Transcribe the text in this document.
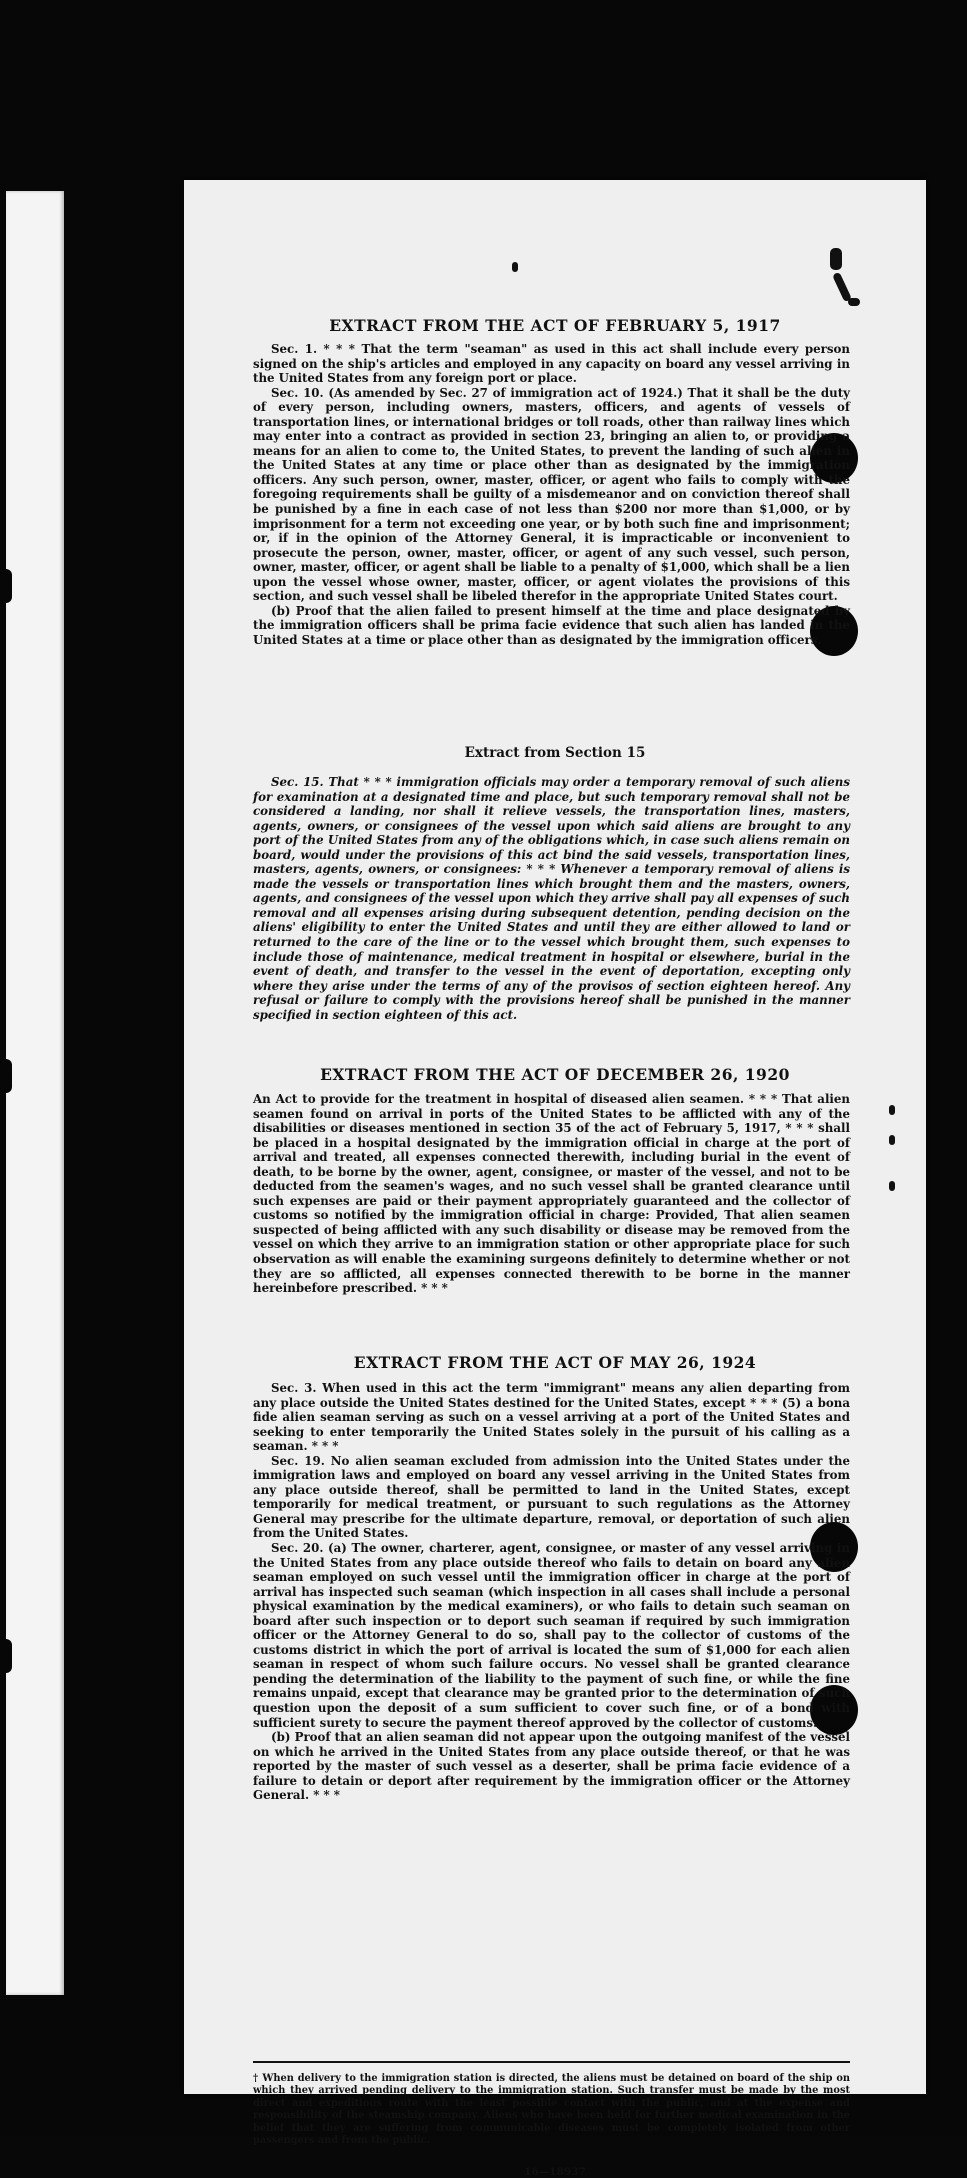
EXTRACT FROM THE ACT OF FEBRUARY 5, 1917

Sec. 1. * * * That the term "seaman" as used in this act shall include every person signed on the ship's articles and employed in any capacity on board any vessel arriving in the United States from any foreign port or place.

Sec. 10. (As amended by Sec. 27 of immigration act of 1924.) That it shall be the duty of every person, including owners, masters, officers, and agents of vessels of transportation lines, or international bridges or toll roads, other than railway lines which may enter into a contract as provided in section 23, bringing an alien to, or providing a means for an alien to come to, the United States, to prevent the landing of such alien in the United States at any time or place other than as designated by the immigration officers. Any such person, owner, master, officer, or agent who fails to comply with the foregoing requirements shall be guilty of a misdemeanor and on conviction thereof shall be punished by a fine in each case of not less than $200 nor more than $1,000, or by imprisonment for a term not exceeding one year, or by both such fine and imprisonment; or, if in the opinion of the Attorney General, it is impracticable or inconvenient to prosecute the person, owner, master, officer, or agent of any such vessel, such person, owner, master, officer, or agent shall be liable to a penalty of $1,000, which shall be a lien upon the vessel whose owner, master, officer, or agent violates the provisions of this section, and such vessel shall be libeled therefor in the appropriate United States court.

(b) Proof that the alien failed to present himself at the time and place designated by the immigration officers shall be prima facie evidence that such alien has landed in the United States at a time or place other than as designated by the immigration officers.

Extract from Section 15

Sec. 15. That * * * immigration officials may order a temporary removal of such aliens for examination at a designated time and place, but such temporary removal shall not be considered a landing, nor shall it relieve vessels, the transportation lines, masters, agents, owners, or consignees of the vessel upon which said aliens are brought to any port of the United States from any of the obligations which, in case such aliens remain on board, would under the provisions of this act bind the said vessels, transportation lines, masters, agents, owners, or consignees: * * * Whenever a temporary removal of aliens is made the vessels or transportation lines which brought them and the masters, owners, agents, and consignees of the vessel upon which they arrive shall pay all expenses of such removal and all expenses arising during subsequent detention, pending decision on the aliens' eligibility to enter the United States and until they are either allowed to land or returned to the care of the line or to the vessel which brought them, such expenses to include those of maintenance, medical treatment in hospital or elsewhere, burial in the event of death, and transfer to the vessel in the event of deportation, excepting only where they arise under the terms of any of the provisos of section eighteen hereof. Any refusal or failure to comply with the provisions hereof shall be punished in the manner specified in section eighteen of this act.

EXTRACT FROM THE ACT OF DECEMBER 26, 1920

An Act to provide for the treatment in hospital of diseased alien seamen. * * * That alien seamen found on arrival in ports of the United States to be afflicted with any of the disabilities or diseases mentioned in section 35 of the act of February 5, 1917, * * * shall be placed in a hospital designated by the immigration official in charge at the port of arrival and treated, all expenses connected therewith, including burial in the event of death, to be borne by the owner, agent, consignee, or master of the vessel, and not to be deducted from the seamen's wages, and no such vessel shall be granted clearance until such expenses are paid or their payment appropriately guaranteed and the collector of customs so notified by the immigration official in charge: Provided, That alien seamen suspected of being afflicted with any such disability or disease may be removed from the vessel on which they arrive to an immigration station or other appropriate place for such observation as will enable the examining surgeons definitely to determine whether or not they are so afflicted, all expenses connected therewith to be borne in the manner hereinbefore prescribed. * * *

EXTRACT FROM THE ACT OF MAY 26, 1924

Sec. 3. When used in this act the term "immigrant" means any alien departing from any place outside the United States destined for the United States, except * * * (5) a bona fide alien seaman serving as such on a vessel arriving at a port of the United States and seeking to enter temporarily the United States solely in the pursuit of his calling as a seaman. * * *

Sec. 19. No alien seaman excluded from admission into the United States under the immigration laws and employed on board any vessel arriving in the United States from any place outside thereof, shall be permitted to land in the United States, except temporarily for medical treatment, or pursuant to such regulations as the Attorney General may prescribe for the ultimate departure, removal, or deportation of such alien from the United States.

Sec. 20. (a) The owner, charterer, agent, consignee, or master of any vessel arriving in the United States from any place outside thereof who fails to detain on board any alien seaman employed on such vessel until the immigration officer in charge at the port of arrival has inspected such seaman (which inspection in all cases shall include a personal physical examination by the medical examiners), or who fails to detain such seaman on board after such inspection or to deport such seaman if required by such immigration officer or the Attorney General to do so, shall pay to the collector of customs of the customs district in which the port of arrival is located the sum of $1,000 for each alien seaman in respect of whom such failure occurs. No vessel shall be granted clearance pending the determination of the liability to the payment of such fine, or while the fine remains unpaid, except that clearance may be granted prior to the determination of such question upon the deposit of a sum sufficient to cover such fine, or of a bond with sufficient surety to secure the payment thereof approved by the collector of customs.

(b) Proof that an alien seaman did not appear upon the outgoing manifest of the vessel on which he arrived in the United States from any place outside thereof, or that he was reported by the master of such vessel as a deserter, shall be prima facie evidence of a failure to detain or deport after requirement by the immigration officer or the Attorney General. * * *

† When delivery to the immigration station is directed, the aliens must be detained on board of the ship on which they arrived pending delivery to the immigration station. Such transfer must be made by the most direct and expeditious route with the least possible contact with the public, and at the expense and responsibility of the steamship company. Aliens who have been held for further medical examination in the belief that they are suffering from communicable diseases must be completely isolated from other passengers and from the public.
16—18937
